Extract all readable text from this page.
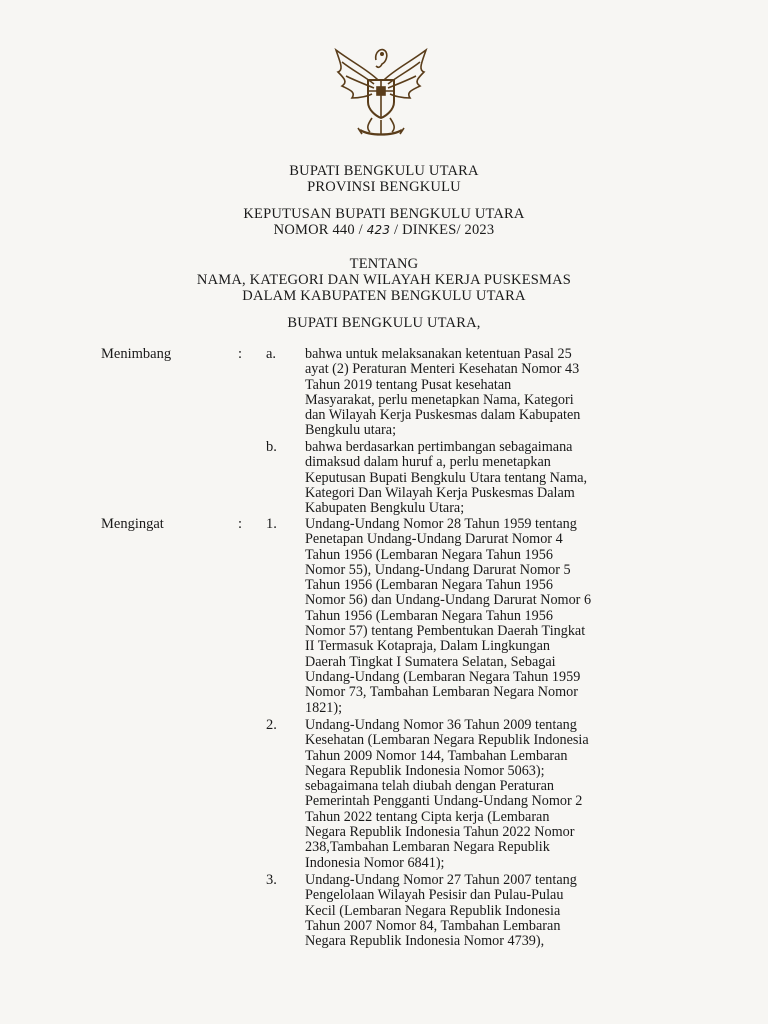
BUPATI BENGKULU UTARA
PROVINSI BENGKULU
KEPUTUSAN BUPATI BENGKULU UTARA
NOMOR 440 / 423 / DINKES/ 2023
TENTANG
NAMA, KATEGORI DAN WILAYAH KERJA PUSKESMAS
DALAM KABUPATEN BENGKULU UTARA
BUPATI BENGKULU UTARA,
Menimbang	: a. bahwa untuk melaksanakan ketentuan Pasal 25
ayat (2) Peraturan Menteri Kesehatan Nomor 43
Tahun 2019 tentang Pusat kesehatan
Masyarakat, perlu menetapkan Nama, Kategori
dan Wilayah Kerja Puskesmas dalam Kabupaten
Bengkulu utara;
b. bahwa berdasarkan pertimbangan sebagaimana
dimaksud dalam huruf a, perlu menetapkan
Keputusan Bupati Bengkulu Utara tentang Nama,
Kategori Dan Wilayah Kerja Puskesmas Dalam
Kabupaten Bengkulu Utara;
Mengingat	: 1. Undang-Undang Nomor 28 Tahun 1959 tentang
Penetapan Undang-Undang Darurat Nomor 4
Tahun 1956 (Lembaran Negara Tahun 1956
Nomor 55), Undang-Undang Darurat Nomor 5
Tahun 1956 (Lembaran Negara Tahun 1956
Nomor 56) dan Undang-Undang Darurat Nomor 6
Tahun 1956 (Lembaran Negara Tahun 1956
Nomor 57) tentang Pembentukan Daerah Tingkat
II Termasuk Kotapraja, Dalam Lingkungan
Daerah Tingkat I Sumatera Selatan, Sebagai
Undang-Undang (Lembaran Negara Tahun 1959
Nomor 73, Tambahan Lembaran Negara Nomor
1821);
2. Undang-Undang Nomor 36 Tahun 2009 tentang
Kesehatan (Lembaran Negara Republik Indonesia
Tahun 2009 Nomor 144, Tambahan Lembaran
Negara Republik Indonesia Nomor 5063);
sebagaimana telah diubah dengan Peraturan
Pemerintah Pengganti Undang-Undang Nomor 2
Tahun 2022 tentang Cipta kerja (Lembaran
Negara Republik Indonesia Tahun 2022 Nomor
238,Tambahan Lembaran Negara Republik
Indonesia Nomor 6841);
3. Undang-Undang Nomor 27 Tahun 2007 tentang
Pengelolaan Wilayah Pesisir dan Pulau-Pulau
Kecil (Lembaran Negara Republik Indonesia
Tahun 2007 Nomor 84, Tambahan Lembaran
Negara Republik Indonesia Nomor 4739),
